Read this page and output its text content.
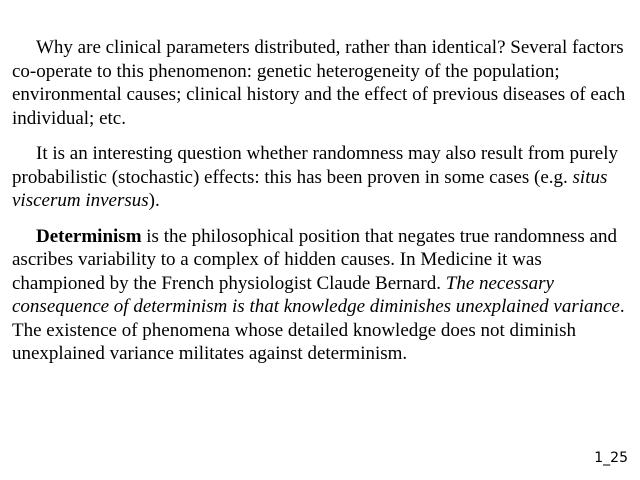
Why are clinical parameters distributed, rather than identical? Several factors co-operate to this phenomenon: genetic heterogeneity of the population; environmental causes; clinical history and the effect of previous diseases of each individual; etc.

It is an interesting question whether randomness may also result from purely probabilistic (stochastic) effects: this has been proven in some cases (e.g. situs viscerum inversus).

Determinism is the philosophical position that negates true randomness and ascribes variability to a complex of hidden causes. In Medicine it was championed by the French physiologist Claude Bernard. The necessary consequence of determinism is that knowledge diminishes unexplained variance. The existence of phenomena whose detailed knowledge does not diminish unexplained variance militates against determinism.

1_25
